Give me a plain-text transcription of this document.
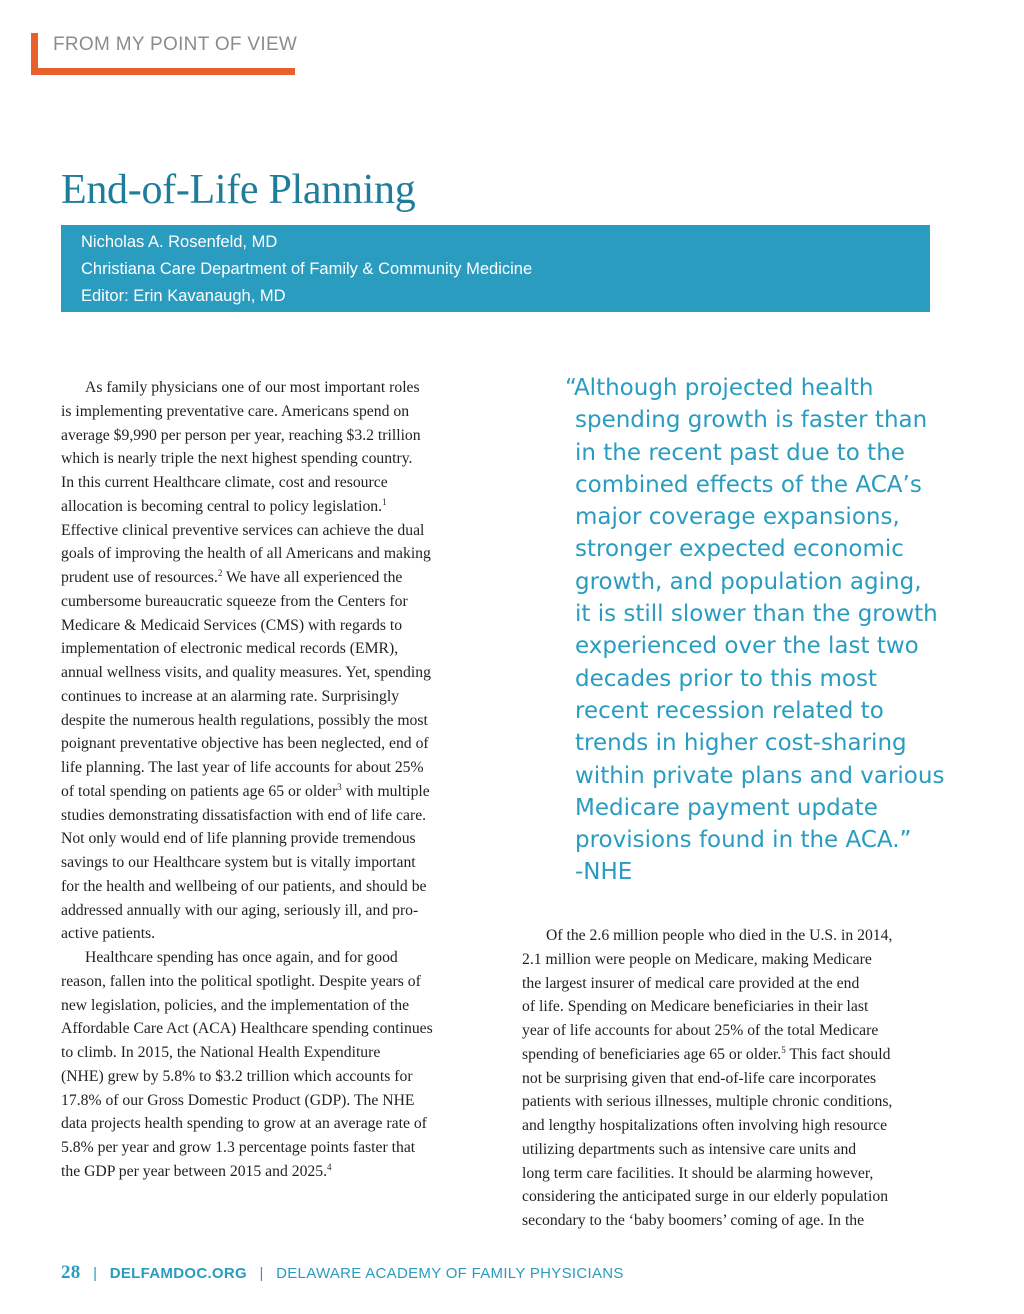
FROM MY POINT OF VIEW
End-of-Life Planning
Nicholas A. Rosenfeld, MD
Christiana Care Department of Family & Community Medicine
Editor: Erin Kavanaugh, MD
As family physicians one of our most important roles
is implementing preventative care. Americans spend on
average $9,990 per person per year, reaching $3.2 trillion
which is nearly triple the next highest spending country.
In this current Healthcare climate, cost and resource
allocation is becoming central to policy legislation.$^1$
Effective clinical preventive services can achieve the dual
goals of improving the health of all Americans and making
prudent use of resources.$^2$ We have all experienced the
cumbersome bureaucratic squeeze from the Centers for
Medicare & Medicaid Services (CMS) with regards to
implementation of electronic medical records (EMR),
annual wellness visits, and quality measures. Yet, spending
continues to increase at an alarming rate. Surprisingly
despite the numerous health regulations, possibly the most
poignant preventative objective has been neglected, end of
life planning. The last year of life accounts for about 25%
of total spending on patients age 65 or older$^3$ with multiple
studies demonstrating dissatisfaction with end of life care.
Not only would end of life planning provide tremendous
savings to our Healthcare system but is vitally important
for the health and wellbeing of our patients, and should be
addressed annually with our aging, seriously ill, and pro-
active patients.
Healthcare spending has once again, and for good
reason, fallen into the political spotlight. Despite years of
new legislation, policies, and the implementation of the
Affordable Care Act (ACA) Healthcare spending continues
to climb. In 2015, the National Health Expenditure
(NHE) grew by 5.8% to $3.2 trillion which accounts for
17.8% of our Gross Domestic Product (GDP). The NHE
data projects health spending to grow at an average rate of
5.8% per year and grow 1.3 percentage points faster that
the GDP per year between 2015 and 2025.$^4$
“Although projected health
spending growth is faster than
in the recent past due to the
combined effects of the ACA’s
major coverage expansions,
stronger expected economic
growth, and population aging,
it is still slower than the growth
experienced over the last two
decades prior to this most
recent recession related to
trends in higher cost-sharing
within private plans and various
Medicare payment update
provisions found in the ACA.”
-NHE
Of the 2.6 million people who died in the U.S. in 2014,
2.1 million were people on Medicare, making Medicare
the largest insurer of medical care provided at the end
of life. Spending on Medicare beneficiaries in their last
year of life accounts for about 25% of the total Medicare
spending of beneficiaries age 65 or older.$^5$ This fact should
not be surprising given that end-of-life care incorporates
patients with serious illnesses, multiple chronic conditions,
and lengthy hospitalizations often involving high resource
utilizing departments such as intensive care units and
long term care facilities. It should be alarming however,
considering the anticipated surge in our elderly population
secondary to the ‘baby boomers’ coming of age. In the
28 | DELFAMDOC.ORG | DELAWARE ACADEMY OF FAMILY PHYSICIANS
